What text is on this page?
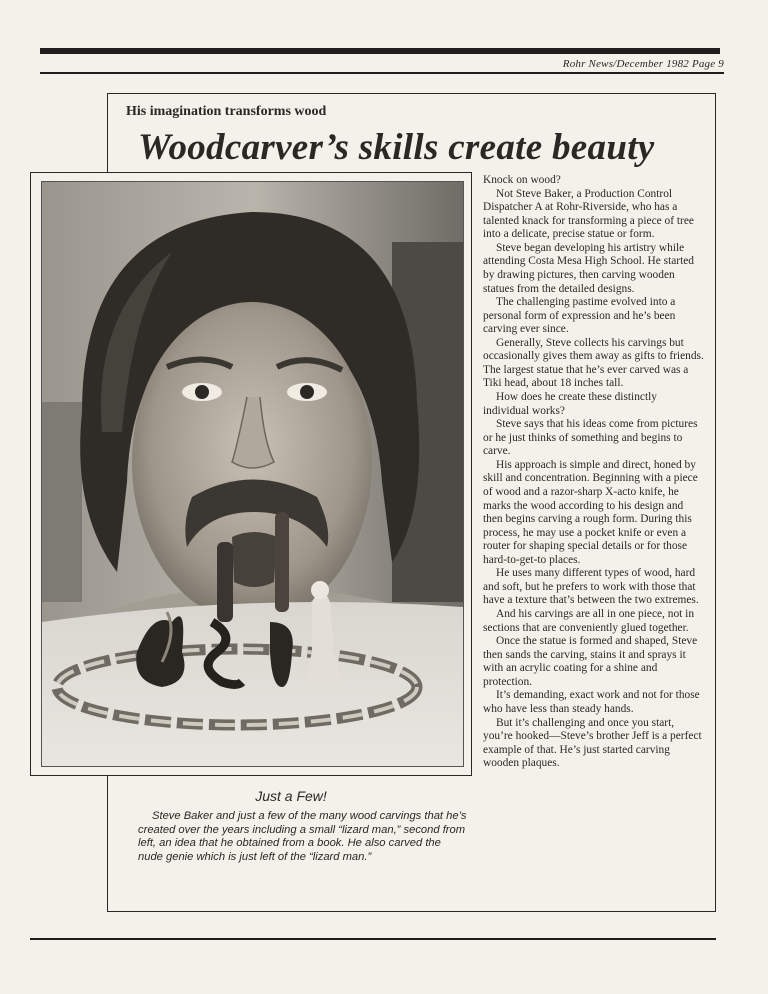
Rohr News/December 1982 Page 9
His imagination transforms wood
Woodcarver’s skills create beauty
Just a Few!
Steve Baker and just a few of the many wood carvings that he’s created over the years including a small “lizard man,” second from left, an idea that he obtained from a book. He also carved the nude genie which is just left of the “lizard man.”

Knock on wood?

Not Steve Baker, a Production Control Dispatcher A at Rohr-Riverside, who has a talented knack for transforming a piece of tree into a delicate, precise statue or form.

Steve began developing his artistry while attending Costa Mesa High School. He started by drawing pictures, then carving wooden statues from the detailed designs.

The challenging pastime evolved into a personal form of expression and he’s been carving ever since.

Generally, Steve collects his carvings but occasionally gives them away as gifts to friends. The largest statue that he’s ever carved was a Tiki head, about 18 inches tall.

How does he create these distinctly individual works?

Steve says that his ideas come from pictures or he just thinks of something and begins to carve.

His approach is simple and direct, honed by skill and concentration. Beginning with a piece of wood and a razor-sharp X-acto knife, he marks the wood according to his design and then begins carving a rough form. During this process, he may use a pocket knife or even a router for shaping special details or for those hard-to-get-to places.

He uses many different types of wood, hard and soft, but he prefers to work with those that have a texture that’s between the two extremes.

And his carvings are all in one piece, not in sections that are conveniently glued together.

Once the statue is formed and shaped, Steve then sands the carving, stains it and sprays it with an acrylic coating for a shine and protection.

It’s demanding, exact work and not for those who have less than steady hands.

But it’s challenging and once you start, you’re hooked—Steve’s brother Jeff is a perfect example of that. He’s just started carving wooden plaques.
